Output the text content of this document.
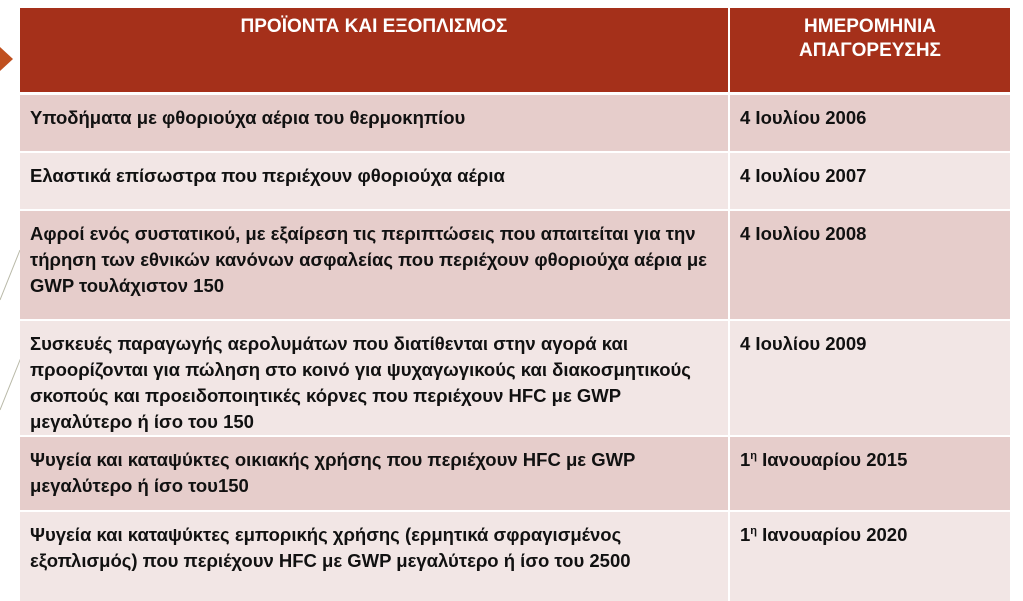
ΠΡΟΪΟΝΤΑ ΚΑΙ ΕΞΟΠΛΙΣΜΟΣ	ΗΜΕΡΟΜΗΝΙΑ ΑΠΑΓΟΡΕΥΣΗΣ
Υποδήματα με φθοριούχα αέρια του θερμοκηπίου	4 Ιουλίου 2006
Ελαστικά επίσωστρα που περιέχουν φθοριούχα αέρια	4 Ιουλίου 2007
Αφροί ενός συστατικού, με εξαίρεση τις περιπτώσεις που απαιτείται για την τήρηση των εθνικών κανόνων ασφαλείας που περιέχουν φθοριούχα αέρια με GWP τουλάχιστον 150	4 Ιουλίου 2008
Συσκευές παραγωγής αερολυμάτων που διατίθενται στην αγορά και προορίζονται για πώληση στο κοινό για ψυχαγωγικούς και διακοσμητικούς σκοπούς και προειδοποιητικές κόρνες που περιέχουν HFC με GWP μεγαλύτερο ή ίσο του 150	4 Ιουλίου 2009
Ψυγεία και καταψύκτες οικιακής χρήσης που περιέχουν HFC με GWP μεγαλύτερο ή ίσο του150	$1^\eta$ Ιανουαρίου 2015
Ψυγεία και καταψύκτες εμπορικής χρήσης (ερμητικά σφραγισμένος εξοπλισμός) που περιέχουν HFC με GWP μεγαλύτερο ή ίσο του 2500	$1^\eta$ Ιανουαρίου 2020
